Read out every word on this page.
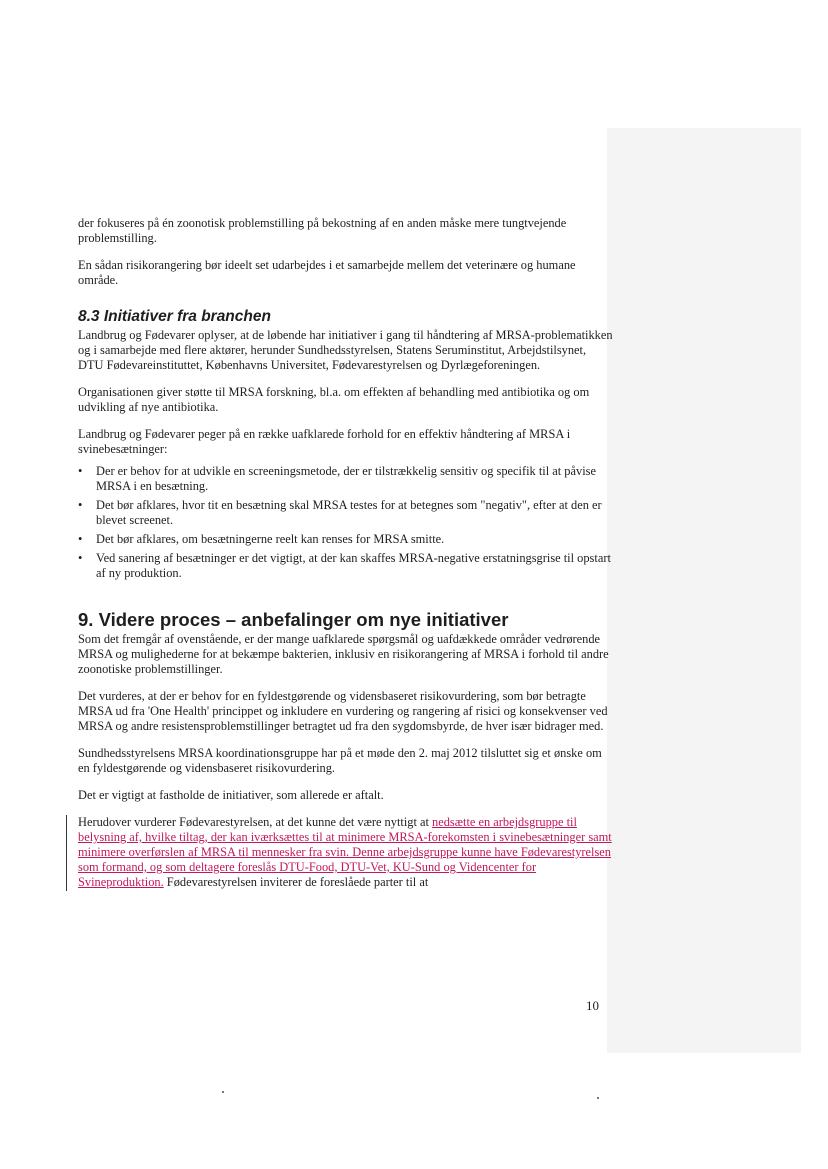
der fokuseres på én zoonotisk problemstilling på bekostning af en anden måske mere tungtvejende problemstilling.

En sådan risikorangering bør ideelt set udarbejdes i et samarbejde mellem det veterinære og humane område.

8.3 Initiativer fra branchen

Landbrug og Fødevarer oplyser, at de løbende har initiativer i gang til håndtering af MRSA-problematikken og i samarbejde med flere aktører, herunder Sundhedsstyrelsen, Statens Seruminstitut, Arbejdstilsynet, DTU Fødevareinstituttet, Københavns Universitet, Fødevarestyrelsen og Dyrlægeforeningen.

Organisationen giver støtte til MRSA forskning, bl.a. om effekten af behandling med antibiotika og om udvikling af nye antibiotika.

Landbrug og Fødevarer peger på en række uafklarede forhold for en effektiv håndtering af MRSA i svinebesætninger:

• Der er behov for at udvikle en screeningsmetode, der er tilstrækkelig sensitiv og specifik til at påvise MRSA i en besætning.
• Det bør afklares, hvor tit en besætning skal MRSA testes for at betegnes som "negativ", efter at den er blevet screenet.
• Det bør afklares, om besætningerne reelt kan renses for MRSA smitte.
• Ved sanering af besætninger er det vigtigt, at der kan skaffes MRSA-negative erstatningsgrise til opstart af ny produktion.
9. Videre proces – anbefalinger om nye initiativer

Som det fremgår af ovenstående, er der mange uafklarede spørgsmål og uafdækkede områder vedrørende MRSA og mulighederne for at bekæmpe bakterien, inklusiv en risikorangering af MRSA i forhold til andre zoonotiske problemstillinger.

Det vurderes, at der er behov for en fyldestgørende og vidensbaseret risikovurdering, som bør betragte MRSA ud fra 'One Health' princippet og inkludere en vurdering og rangering af risici og konsekvenser ved MRSA og andre resistensproblemstillinger betragtet ud fra den sygdomsbyrde, de hver især bidrager med.

Sundhedsstyrelsens MRSA koordinationsgruppe har på et møde den 2. maj 2012 tilsluttet sig et ønske om en fyldestgørende og vidensbaseret risikovurdering.

Det er vigtigt at fastholde de initiativer, som allerede er aftalt.

Herudover vurderer Fødevarestyrelsen, at det kunne det være nyttigt at nedsætte en arbejdsgruppe til belysning af, hvilke tiltag, der kan iværksættes til at minimere MRSA-forekomsten i svinebesætninger samt minimere overførslen af MRSA til mennesker fra svin. Denne arbejdsgruppe kunne have Fødevarestyrelsen som formand, og som deltagere foreslås DTU-Food, DTU-Vet, KU-Sund og Videncenter for Svineproduktion. Fødevarestyrelsen inviterer de foreslåede parter til at
10
